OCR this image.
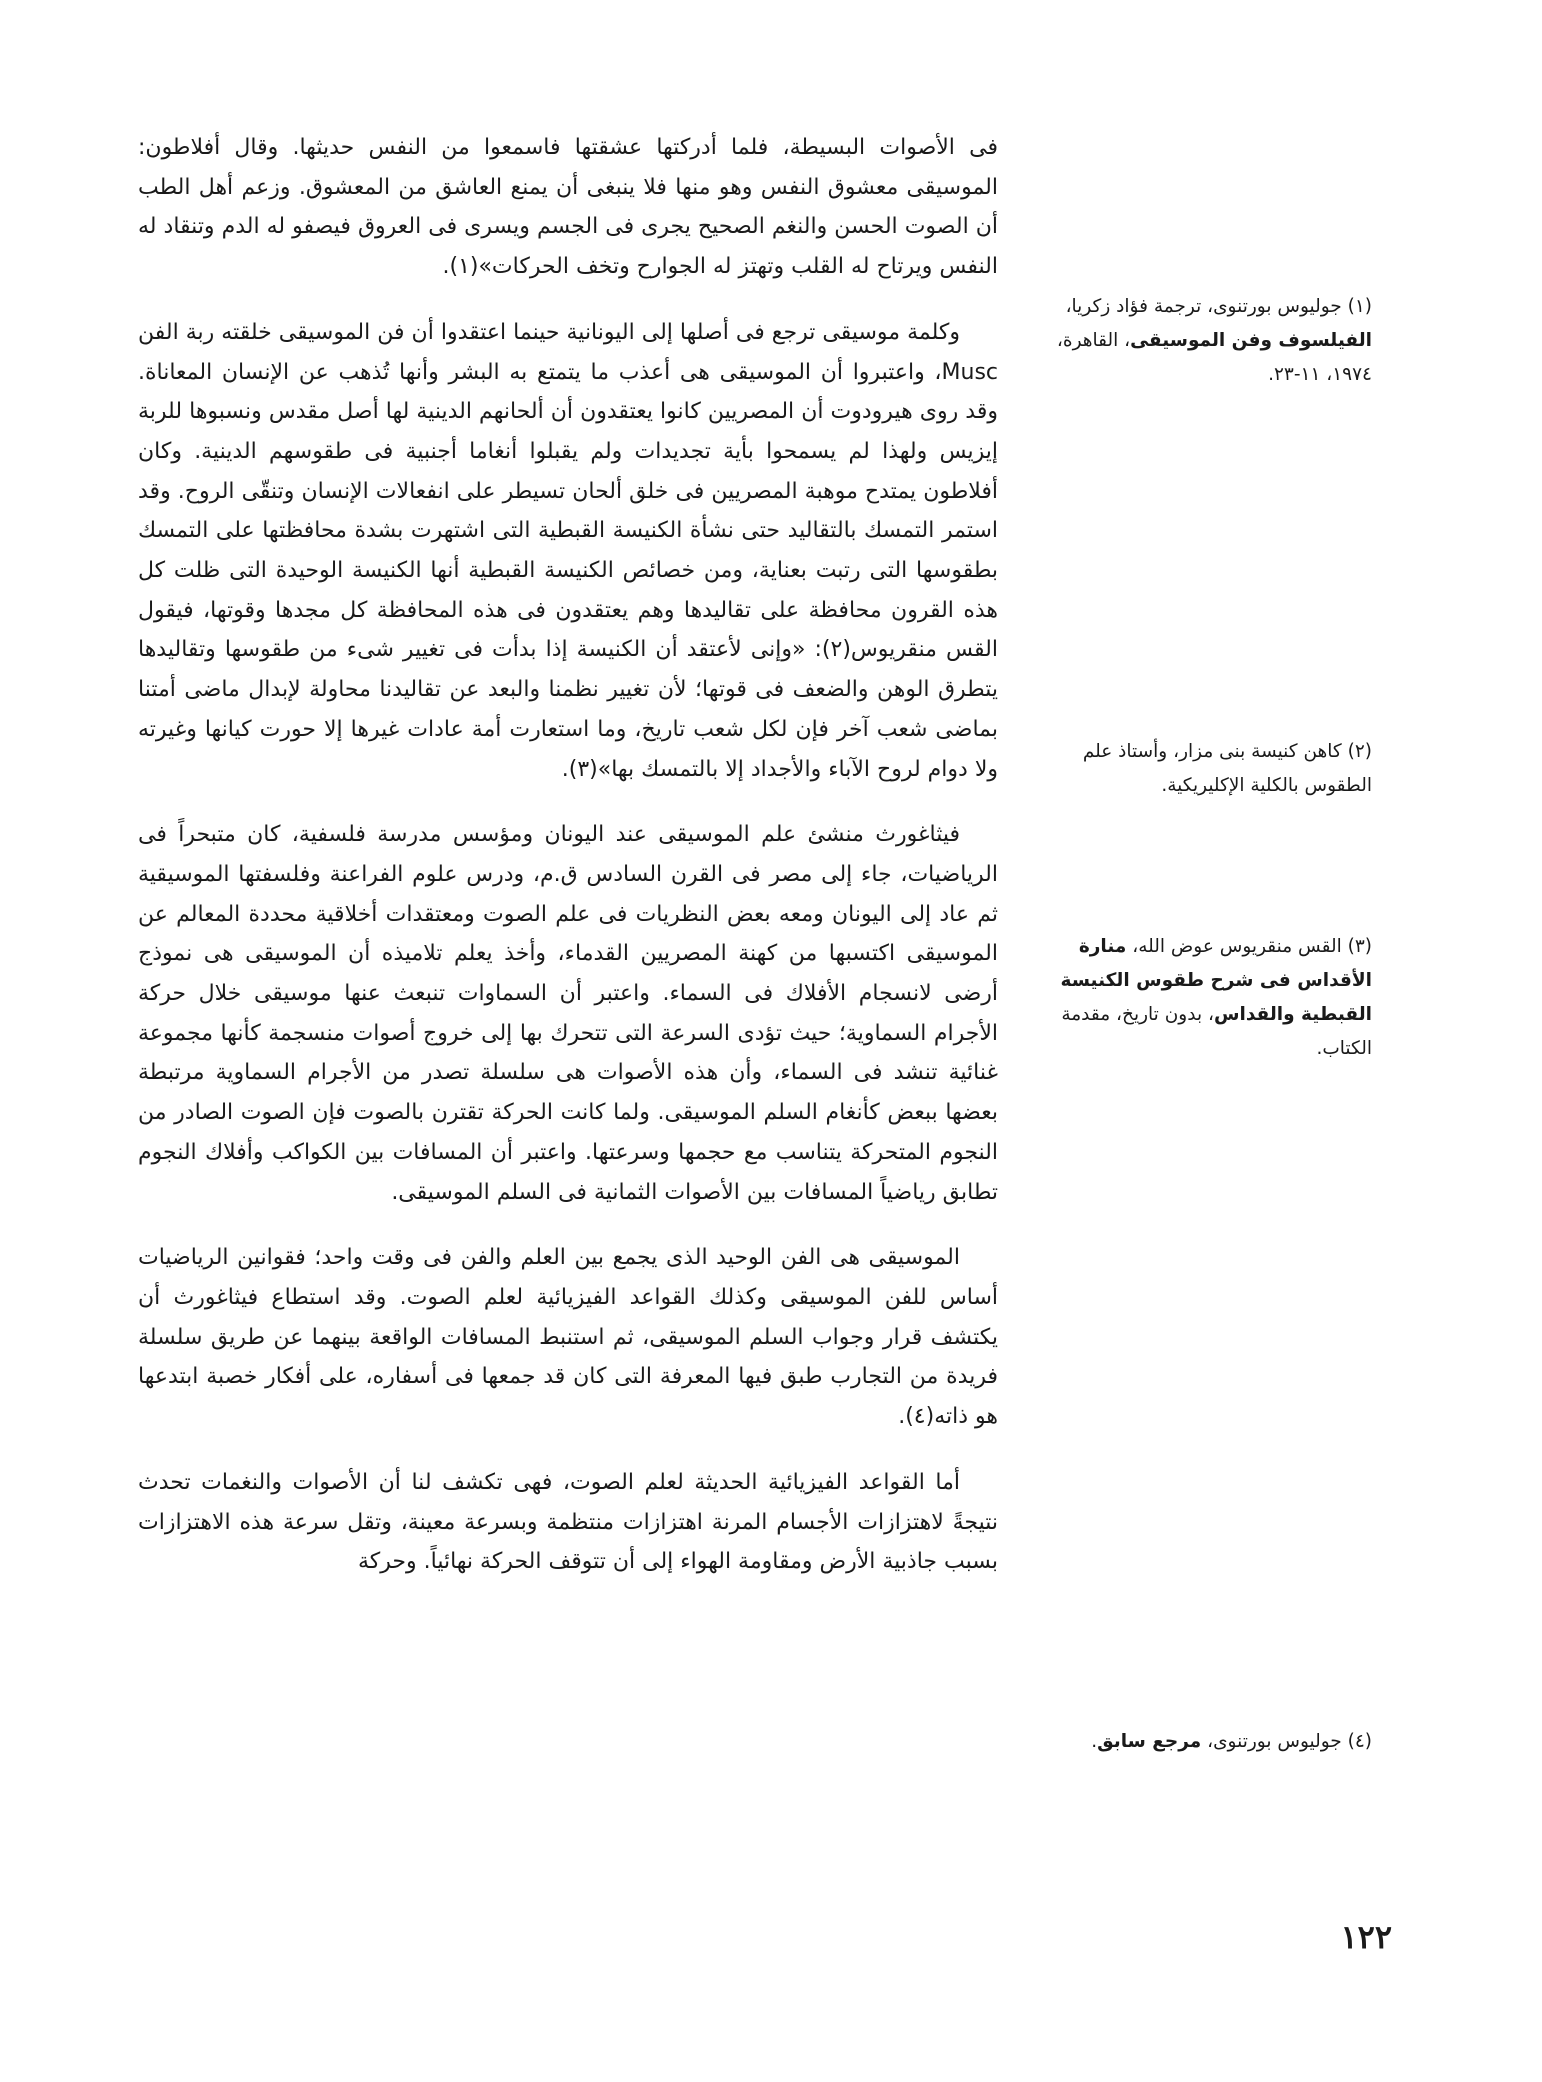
فى الأصوات البسيطة، فلما أدركتها عشقتها فاسمعوا من النفس حديثها. وقال أفلاطون: الموسيقى معشوق النفس وهو منها فلا ينبغى أن يمنع العاشق من المعشوق. وزعم أهل الطب أن الصوت الحسن والنغم الصحيح يجرى فى الجسم ويسرى فى العروق فيصفو له الدم وتنقاد له النفس ويرتاح له القلب وتهتز له الجوارح وتخف الحركات»(١).

وكلمة موسيقى ترجع فى أصلها إلى اليونانية حينما اعتقدوا أن فن الموسيقى خلقته ربة الفن Musc، واعتبروا أن الموسيقى هى أعذب ما يتمتع به البشر وأنها تُذهب عن الإنسان المعاناة. وقد روى هيرودوت أن المصريين كانوا يعتقدون أن ألحانهم الدينية لها أصل مقدس ونسبوها للربة إيزيس ولهذا لم يسمحوا بأية تجديدات ولم يقبلوا أنغاما أجنبية فى طقوسهم الدينية. وكان أفلاطون يمتدح موهبة المصريين فى خلق ألحان تسيطر على انفعالات الإنسان وتنقّى الروح. وقد استمر التمسك بالتقاليد حتى نشأة الكنيسة القبطية التى اشتهرت بشدة محافظتها على التمسك بطقوسها التى رتبت بعناية، ومن خصائص الكنيسة القبطية أنها الكنيسة الوحيدة التى ظلت كل هذه القرون محافظة على تقاليدها وهم يعتقدون فى هذه المحافظة كل مجدها وقوتها، فيقول القس منقريوس(٢): «وإنى لأعتقد أن الكنيسة إذا بدأت فى تغيير شىء من طقوسها وتقاليدها يتطرق الوهن والضعف فى قوتها؛ لأن تغيير نظمنا والبعد عن تقاليدنا محاولة لإبدال ماضى أمتنا بماضى شعب آخر فإن لكل شعب تاريخ، وما استعارت أمة عادات غيرها إلا حورت كيانها وغيرته ولا دوام لروح الآباء والأجداد إلا بالتمسك بها»(٣).

فيثاغورث منشئ علم الموسيقى عند اليونان ومؤسس مدرسة فلسفية، كان متبحراً فى الرياضيات، جاء إلى مصر فى القرن السادس ق.م، ودرس علوم الفراعنة وفلسفتها الموسيقية ثم عاد إلى اليونان ومعه بعض النظريات فى علم الصوت ومعتقدات أخلاقية محددة المعالم عن الموسيقى اكتسبها من كهنة المصريين القدماء، وأخذ يعلم تلاميذه أن الموسيقى هى نموذج أرضى لانسجام الأفلاك فى السماء. واعتبر أن السماوات تنبعث عنها موسيقى خلال حركة الأجرام السماوية؛ حيث تؤدى السرعة التى تتحرك بها إلى خروج أصوات منسجمة كأنها مجموعة غنائية تنشد فى السماء، وأن هذه الأصوات هى سلسلة تصدر من الأجرام السماوية مرتبطة بعضها ببعض كأنغام السلم الموسيقى. ولما كانت الحركة تقترن بالصوت فإن الصوت الصادر من النجوم المتحركة يتناسب مع حجمها وسرعتها. واعتبر أن المسافات بين الكواكب وأفلاك النجوم تطابق رياضياً المسافات بين الأصوات الثمانية فى السلم الموسيقى.

الموسيقى هى الفن الوحيد الذى يجمع بين العلم والفن فى وقت واحد؛ فقوانين الرياضيات أساس للفن الموسيقى وكذلك القواعد الفيزيائية لعلم الصوت. وقد استطاع فيثاغورث أن يكتشف قرار وجواب السلم الموسيقى، ثم استنبط المسافات الواقعة بينهما عن طريق سلسلة فريدة من التجارب طبق فيها المعرفة التى كان قد جمعها فى أسفاره، على أفكار خصبة ابتدعها هو ذاته(٤).

أما القواعد الفيزيائية الحديثة لعلم الصوت، فهى تكشف لنا أن الأصوات والنغمات تحدث نتيجةً لاهتزازات الأجسام المرنة اهتزازات منتظمة وبسرعة معينة، وتقل سرعة هذه الاهتزازات بسبب جاذبية الأرض ومقاومة الهواء إلى أن تتوقف الحركة نهائياً. وحركة

(١) جوليوس بورتنوى، ترجمة فؤاد زكريا، الفيلسوف وفن الموسيقى، القاهرة، ١٩٧٤، ١١-٢٣.
(٢) كاهن كنيسة بنى مزار، وأستاذ علم الطقوس بالكلية الإكليريكية.
(٣) القس منقريوس عوض الله، منارة الأقداس فى شرح طقوس الكنيسة القبطية والقداس، بدون تاريخ، مقدمة الكتاب.
(٤) جوليوس بورتنوى، مرجع سابق.
١٢٢
